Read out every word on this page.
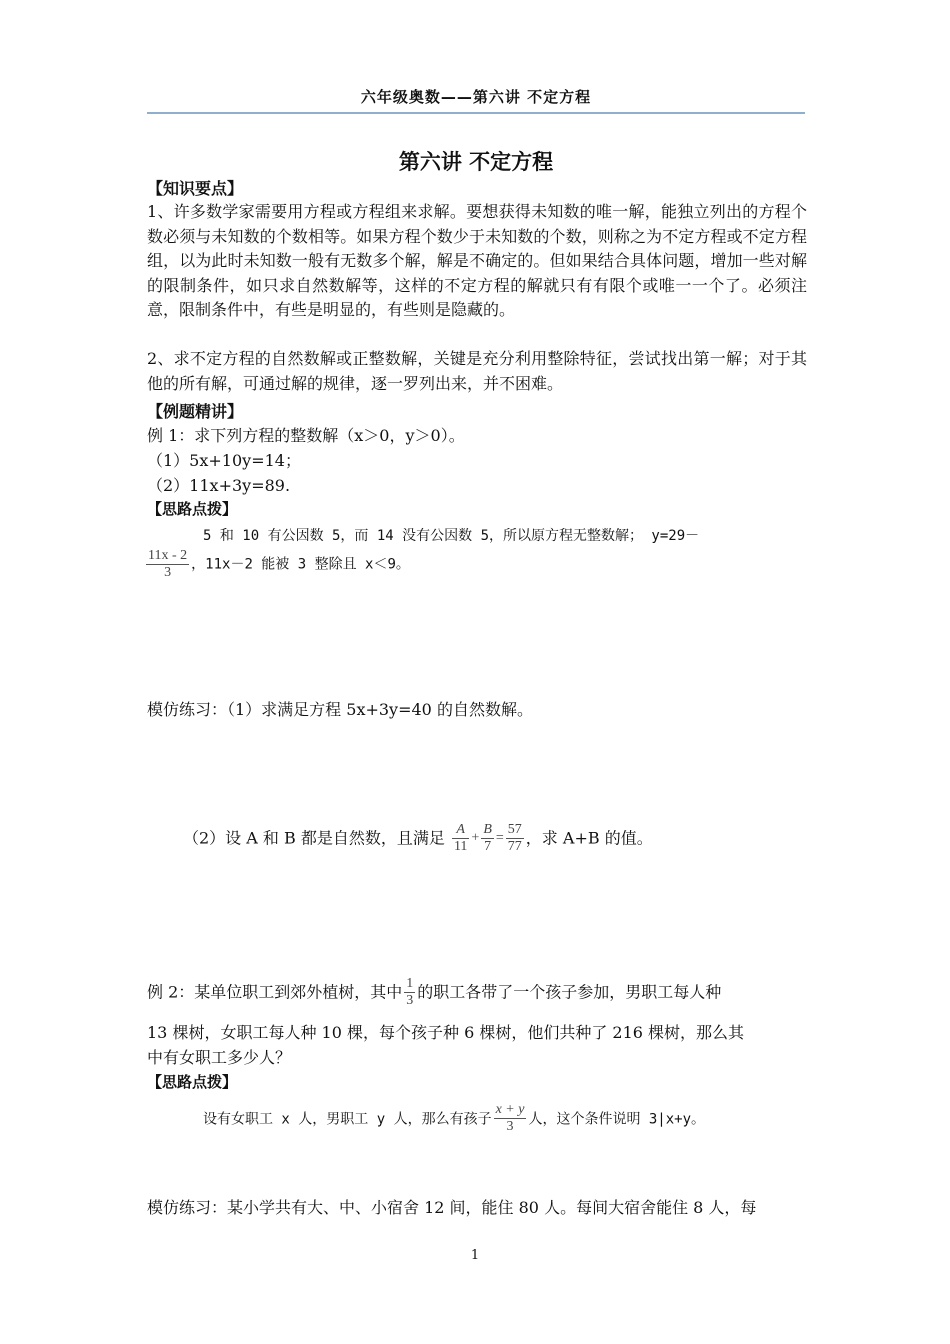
六年级奥数——第六讲 不定方程
第六讲 不定方程
【知识要点】

1、许多数学家需要用方程或方程组来求解。要想获得未知数的唯一解，能独立列出的方程个数必须与未知数的个数相等。如果方程个数少于未知数的个数，则称之为不定方程或不定方程组，以为此时未知数一般有无数多个解，解是不确定的。但如果结合具体问题，增加一些对解的限制条件，如只求自然数解等，这样的不定方程的解就只有有限个或唯一一个了。必须注意，限制条件中，有些是明显的，有些则是隐藏的。

2、求不定方程的自然数解或正整数解，关键是充分利用整除特征，尝试找出第一解；对于其他的所有解，可通过解的规律，逐一罗列出来，并不困难。

【例题精讲】
例 1：求下列方程的整数解（x＞0，y＞0）。
（1）5x+10y=14；
（2）11x+3y=89.
【思路点拨】
5 和 10 有公因数 5，而 14 没有公因数 5，所以原方程无整数解； y=29－
$\frac{11x - 2}{3}$ ，11x－2 能被 3 整除且 x＜9。
模仿练习：（1）求满足方程 5x+3y=40 的自然数解。
（2）设 A 和 B 都是自然数，且满足 $\frac{A}{11} + \frac{B}{7} = \frac{57}{77}$ ，求 A+B 的值。
例 2：某单位职工到郊外植树，其中 $\frac{1}{3}$ 的职工各带了一个孩子参加，男职工每人种
13 棵树，女职工每人种 10 棵，每个孩子种 6 棵树，他们共种了 216 棵树，那么其
中有女职工多少人？
【思路点拨】
设有女职工 x 人，男职工 y 人，那么有孩子 $\frac{x + y}{3}$ 人，这个条件说明 3|x+y。
模仿练习：某小学共有大、中、小宿舍 12 间，能住 80 人。每间大宿舍能住 8 人，每
1
